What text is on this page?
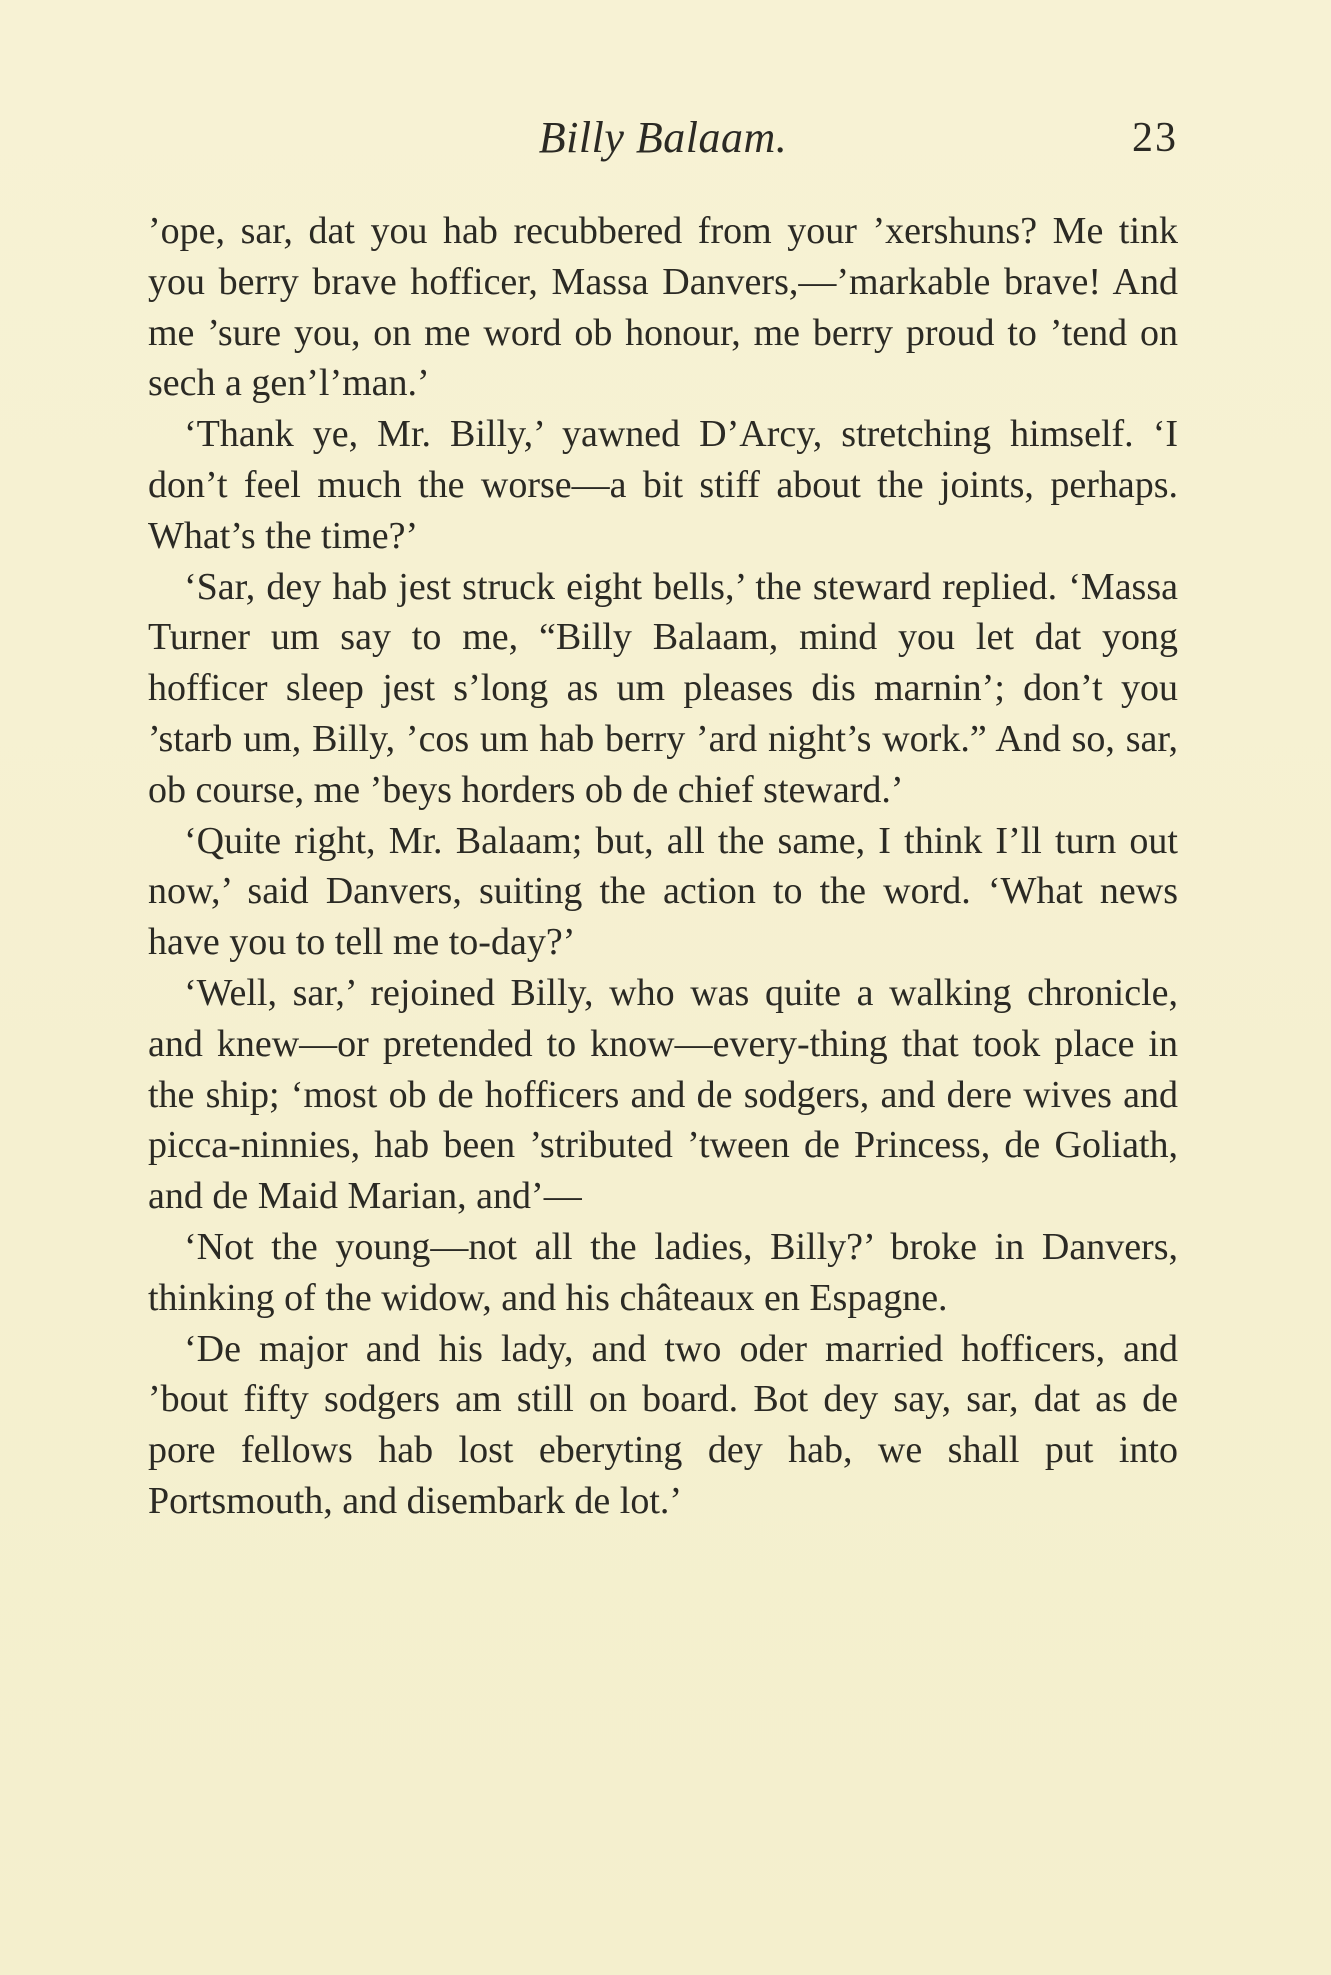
Billy Balaam.	23

’ope, sar, dat you hab recubbered from your ’xershuns? Me tink you berry brave hofficer, Massa Danvers,—’markable brave! And me ’sure you, on me word ob honour, me berry proud to ’tend on sech a gen’l’man.’

‘Thank ye, Mr. Billy,’ yawned D’Arcy, stretching himself. ‘I don’t feel much the worse—a bit stiff about the joints, perhaps. What’s the time?’

‘Sar, dey hab jest struck eight bells,’ the steward replied. ‘Massa Turner um say to me, “Billy Balaam, mind you let dat yong hofficer sleep jest s’long as um pleases dis marnin’; don’t you ’starb um, Billy, ’cos um hab berry ’ard night’s work.” And so, sar, ob course, me ’beys horders ob de chief steward.’

‘Quite right, Mr. Balaam; but, all the same, I think I’ll turn out now,’ said Danvers, suiting the action to the word. ‘What news have you to tell me to-day?’

‘Well, sar,’ rejoined Billy, who was quite a walking chronicle, and knew—or pretended to know—every-thing that took place in the ship; ‘most ob de hofficers and de sodgers, and dere wives and picca-ninnies, hab been ’stributed ’tween de Princess, de Goliath, and de Maid Marian, and’—

‘Not the young—not all the ladies, Billy?’ broke in Danvers, thinking of the widow, and his châteaux en Espagne.

‘De major and his lady, and two oder married hofficers, and ’bout fifty sodgers am still on board. Bot dey say, sar, dat as de pore fellows hab lost eberyting dey hab, we shall put into Portsmouth, and disembark de lot.’
